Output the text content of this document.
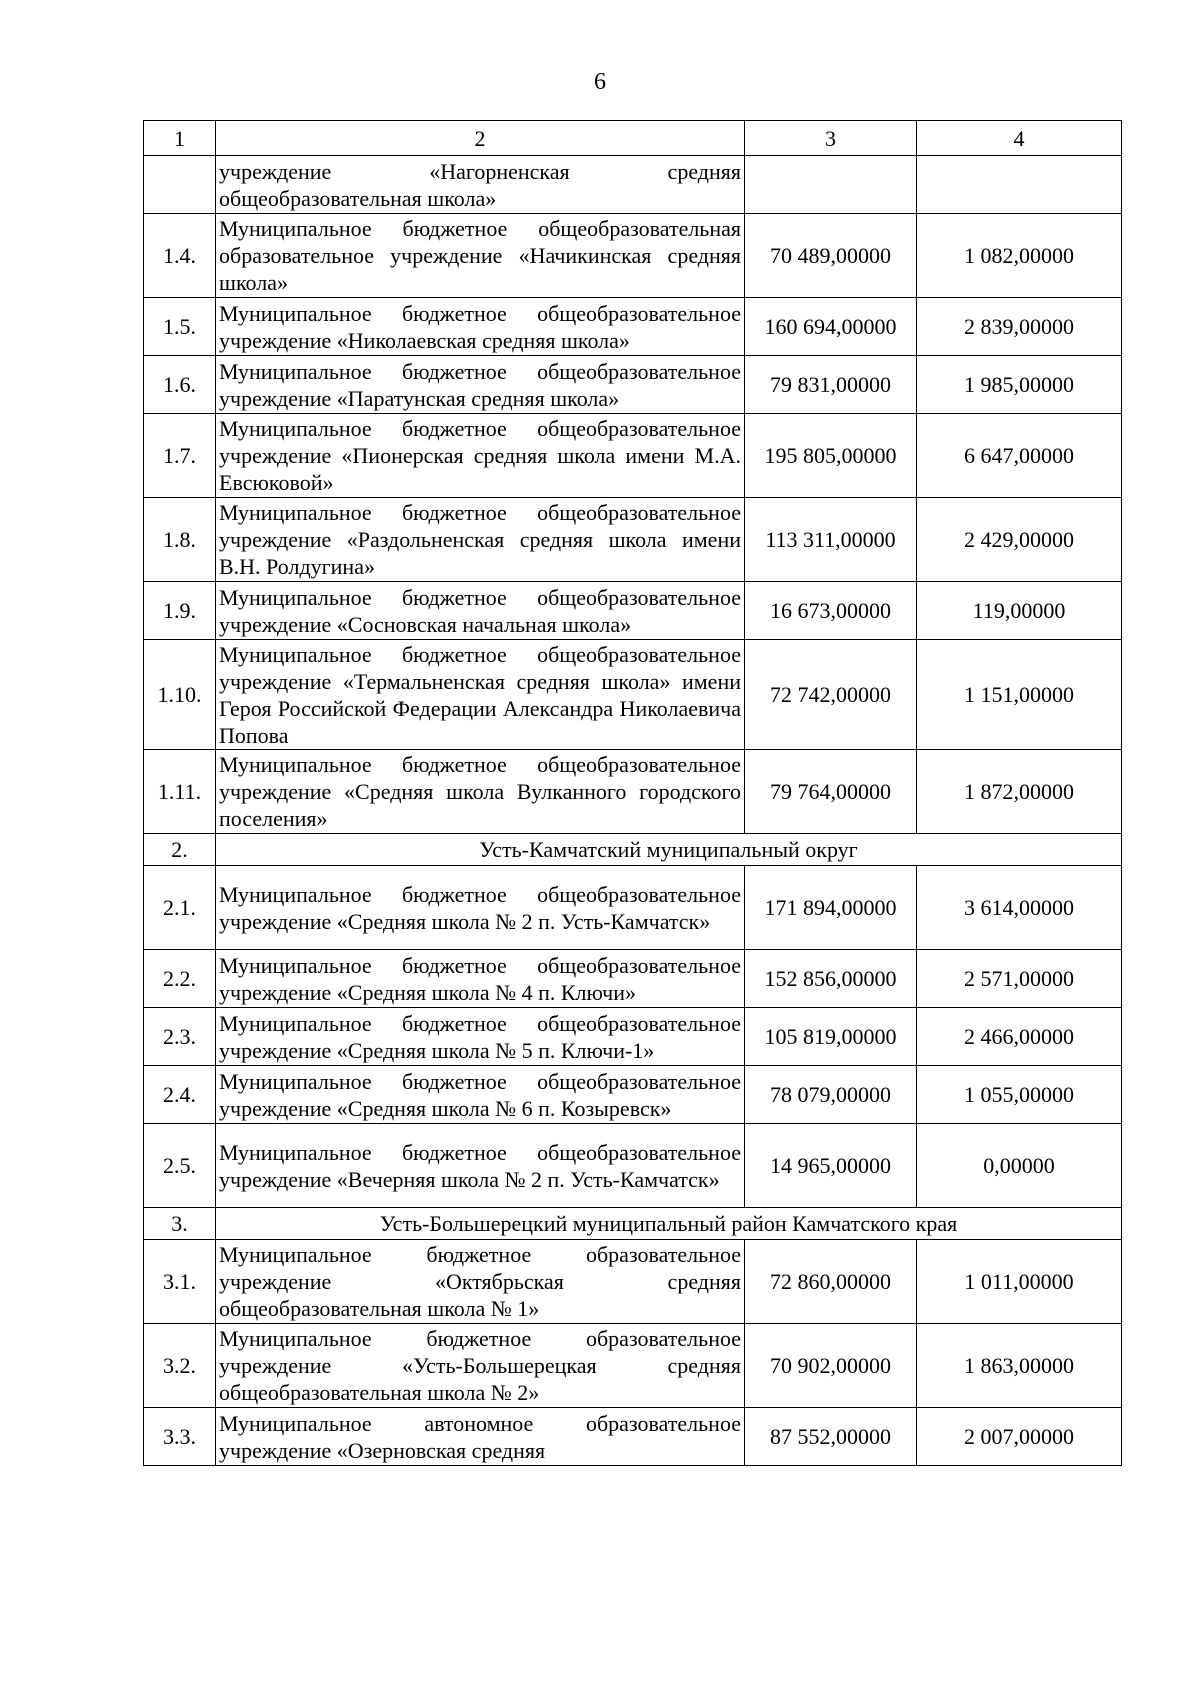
6
1	2	3	4
	учреждение «Нагорненская средняя общеобразовательная школа»		
1.4.	Муниципальное бюджетное общеобразовательная образовательное учреждение «Начикинская средняя школа»	70 489,00000	1 082,00000
1.5.	Муниципальное бюджетное общеобразовательное учреждение «Николаевская средняя школа»	160 694,00000	2 839,00000
1.6.	Муниципальное бюджетное общеобразовательное учреждение «Паратунская средняя школа»	79 831,00000	1 985,00000
1.7.	Муниципальное бюджетное общеобразовательное учреждение «Пионерская средняя школа имени М.А. Евсюковой»	195 805,00000	6 647,00000
1.8.	Муниципальное бюджетное общеобразовательное учреждение «Раздольненская средняя школа имени В.Н. Ролдугина»	113 311,00000	2 429,00000
1.9.	Муниципальное бюджетное общеобразовательное учреждение «Сосновская начальная школа»	16 673,00000	119,00000
1.10.	Муниципальное бюджетное общеобразовательное учреждение «Термальненская средняя школа» имени Героя Российской Федерации Александра Николаевича Попова	72 742,00000	1 151,00000
1.11.	Муниципальное бюджетное общеобразовательное учреждение «Средняя школа Вулканного городского поселения»	79 764,00000	1 872,00000
2.	Усть-Камчатский муниципальный округ		
2.1.	Муниципальное бюджетное общеобразовательное учреждение «Средняя школа № 2 п. Усть-Камчатск»	171 894,00000	3 614,00000
2.2.	Муниципальное бюджетное общеобразовательное учреждение «Средняя школа № 4 п. Ключи»	152 856,00000	2 571,00000
2.3.	Муниципальное бюджетное общеобразовательное учреждение «Средняя школа № 5 п. Ключи-1»	105 819,00000	2 466,00000
2.4.	Муниципальное бюджетное общеобразовательное учреждение «Средняя школа № 6 п. Козыревск»	78 079,00000	1 055,00000
2.5.	Муниципальное бюджетное общеобразовательное учреждение «Вечерняя школа № 2 п. Усть-Камчатск»	14 965,00000	0,00000
3.	Усть-Большерецкий муниципальный район Камчатского края		
3.1.	Муниципальное бюджетное образовательное учреждение «Октябрьская средняя общеобразовательная школа № 1»	72 860,00000	1 011,00000
3.2.	Муниципальное бюджетное образовательное учреждение «Усть-Большерецкая средняя общеобразовательная школа № 2»	70 902,00000	1 863,00000
3.3.	Муниципальное автономное образовательное учреждение «Озерновская средняя	87 552,00000	2 007,00000
